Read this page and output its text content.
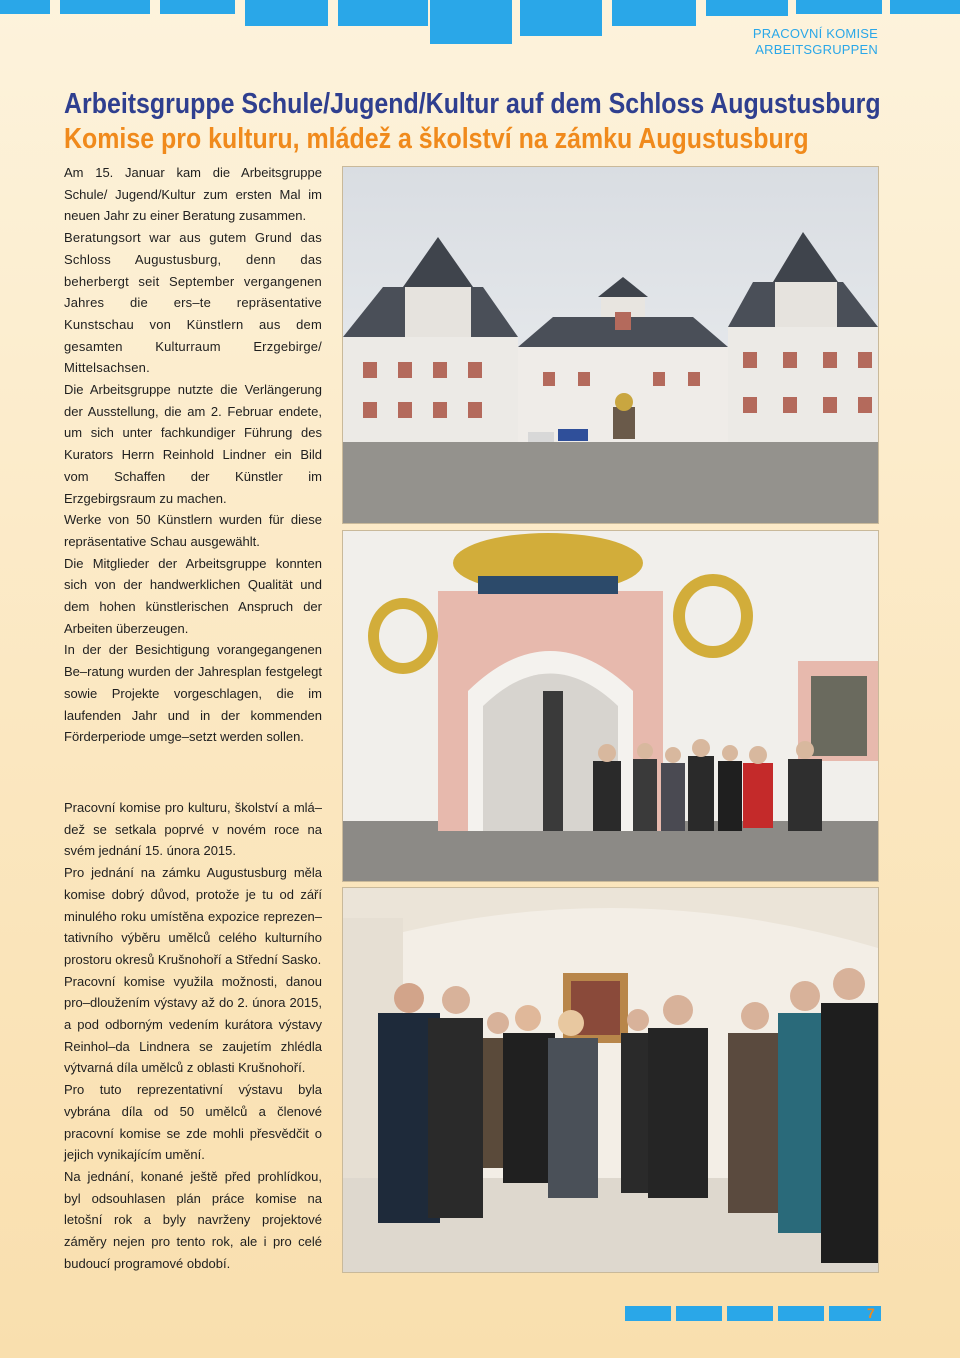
PRACOVNÍ KOMISE
ARBEITSGRUPPEN
Arbeitsgruppe Schule/Jugend/Kultur auf dem Schloss Augustusburg
Komise pro kulturu, mládež a školství na zámku Augustusburg

Am 15. Januar kam die Arbeitsgruppe Schule/ Jugend/Kultur zum ersten Mal im neuen Jahr zu einer Beratung zusammen.

Beratungsort war aus gutem Grund das Schloss Augustusburg, denn das beherbergt seit September vergangenen Jahres die ers–te repräsentative Kunstschau von Künstlern aus dem gesamten Kulturraum Erzgebirge/ Mittelsachsen.

Die Arbeitsgruppe nutzte die Verlängerung der Ausstellung, die am 2. Februar endete, um sich unter fachkundiger Führung des Kurators Herrn Reinhold Lindner ein Bild vom Schaffen der Künstler im Erzgebirgsraum zu machen.

Werke von 50 Künstlern wurden für diese repräsentative Schau ausgewählt.

Die Mitglieder der Arbeitsgruppe konnten sich von der handwerklichen Qualität und dem hohen künstlerischen Anspruch der Arbeiten überzeugen.

In der der Besichtigung vorangegangenen Be–ratung wurden der Jahresplan festgelegt sowie Projekte vorgeschlagen, die im laufenden Jahr und in der kommenden Förderperiode umge–setzt werden sollen.

Pracovní komise pro kulturu, školství a mlá–dež se setkala poprvé v novém roce na svém jednání 15. února 2015.

Pro jednání na zámku Augustusburg měla komise dobrý důvod, protože je tu od září minulého roku umístěna expozice reprezen–tativního výběru umělců celého kulturního prostoru okresů Krušnohoří a Střední Sasko.

Pracovní komise využila možnosti, danou pro–dloužením výstavy až do 2. února 2015, a pod odborným vedením kurátora výstavy Reinhol–da Lindnera se zaujetím zhlédla výtvarná díla umělců z oblasti Krušnohoří.

Pro tuto reprezentativní výstavu byla vybrána díla od 50 umělců a členové pracovní komise se zde mohli přesvědčit o jejich vynikajícím umění.

Na jednání, konané ještě před prohlídkou, byl odsouhlasen plán práce komise na letošní rok a byly navrženy projektové záměry nejen pro tento rok, ale i pro celé budoucí programové období.

7
